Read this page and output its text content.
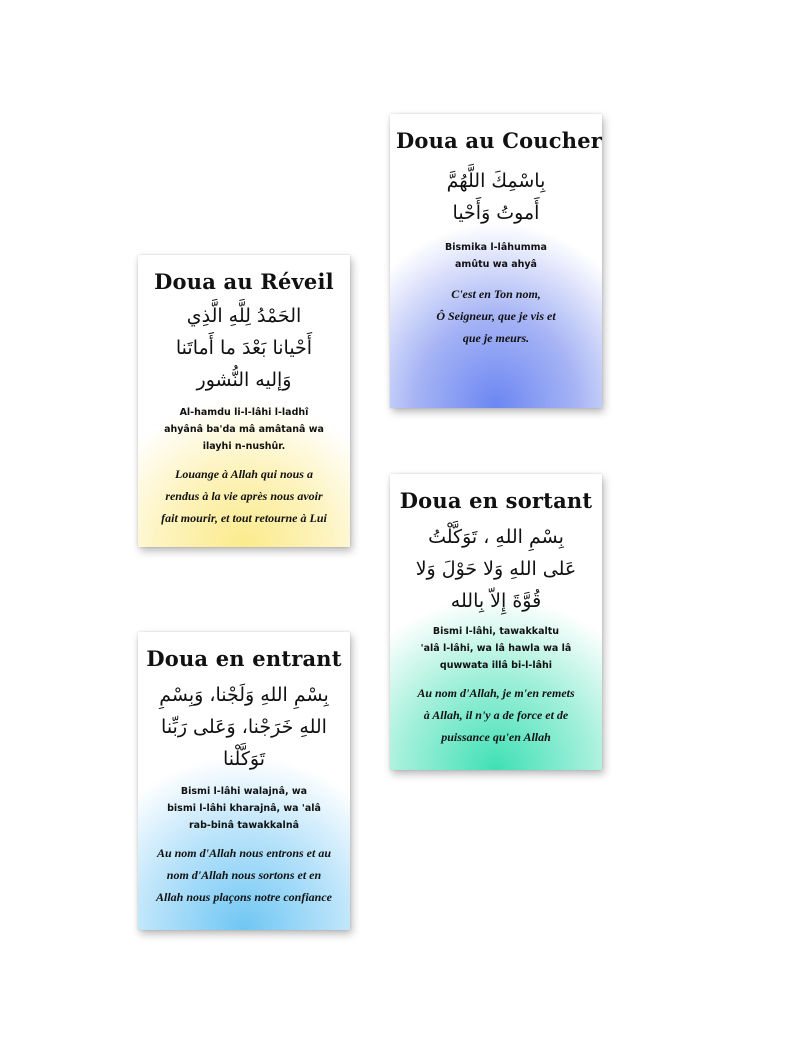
Doua au Réveil
الحَمْدُ لِلَّهِ الَّذِي
أَحْيانا بَعْدَ ما أَماتَنا
وَإليه النُّشور
Al-hamdu li-l-lâhi l-ladhî
ahyânâ ba'da mâ amâtanâ wa
ilayhi n-nushûr.
Louange à Allah qui nous a
rendus à la vie après nous avoir
fait mourir, et tout retourne à Lui
Doua au Coucher
بِاسْمِكَ اللَّهُمَّ
أَموتُ وَأَحْيا
Bismika l-lâhumma
amûtu wa ahyâ
C'est en Ton nom,
Ô Seigneur, que je vis et
que je meurs.
Doua en sortant
بِسْمِ اللهِ ، تَوَكَّلْتُ
عَلى اللهِ وَلا حَوْلَ وَلا
قُوَّةَ إِلاّ بِالله
Bismi l-lâhi, tawakkaltu
'alâ l-lâhi, wa lâ hawla wa lâ
quwwata illâ bi-l-lâhi
Au nom d'Allah, je m'en remets
à Allah, il n'y a de force et de
puissance qu'en Allah
Doua en entrant
بِسْمِ اللهِ وَلَجْنا، وَبِسْمِ
اللهِ خَرَجْنا، وَعَلى رَبِّنا
تَوَكَّلْنا
Bismi l-lâhi walajnâ, wa
bismi l-lâhi kharajnâ, wa 'alâ
rab-binâ tawakkalnâ
Au nom d'Allah nous entrons et au
nom d'Allah nous sortons et en
Allah nous plaçons notre confiance
